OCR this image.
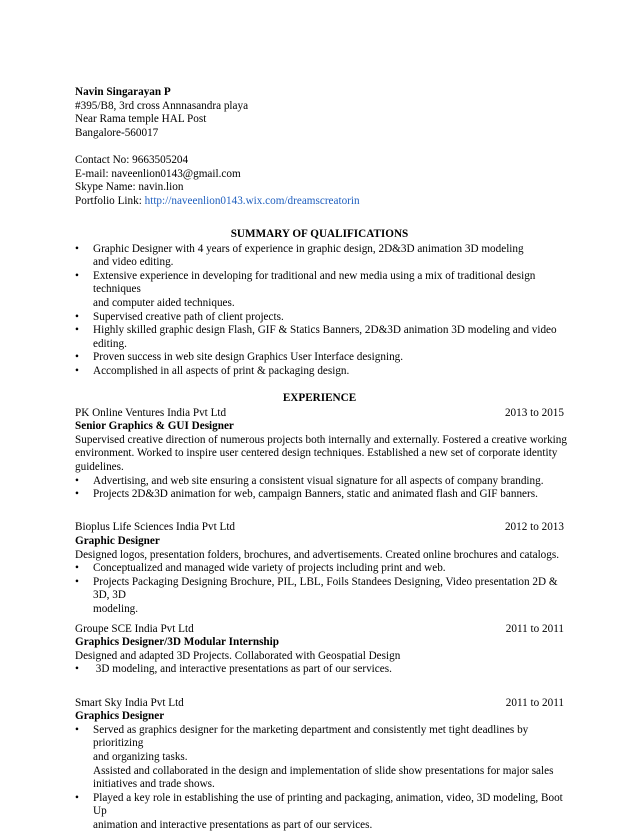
Navin Singarayan P
#395/B8, 3rd cross Annnasandra playa
Near Rama temple HAL Post
Bangalore-560017
Contact No: 9663505204
E-mail: naveenlion0143@gmail.com
Skype Name: navin.lion
Portfolio Link: http://naveenlion0143.wix.com/dreamscreatorin
SUMMARY OF QUALIFICATIONS
• Graphic Designer with 4 years of experience in graphic design, 2D&3D animation 3D modeling
and video editing.
• Extensive experience in developing for traditional and new media using a mix of traditional design techniques
and computer aided techniques.
• Supervised creative path of client projects.
• Highly skilled graphic design Flash, GIF & Statics Banners, 2D&3D animation 3D modeling and video editing.
• Proven success in web site design Graphics User Interface designing.
• Accomplished in all aspects of print & packaging design.
EXPERIENCE
PK Online Ventures India Pvt Ltd	2013 to 2015
Senior Graphics & GUI Designer
Supervised creative direction of numerous projects both internally and externally. Fostered a creative working
environment. Worked to inspire user centered design techniques. Established a new set of corporate identity
guidelines.
• Advertising, and web site ensuring a consistent visual signature for all aspects of company branding.
• Projects 2D&3D animation for web, campaign Banners, static and animated flash and GIF banners.
Bioplus Life Sciences India Pvt Ltd	2012 to 2013
Graphic Designer
Designed logos, presentation folders, brochures, and advertisements. Created online brochures and catalogs.
• Conceptualized and managed wide variety of projects including print and web.
• Projects Packaging Designing Brochure, PIL, LBL, Foils Standees Designing, Video presentation 2D & 3D, 3D
modeling.
Groupe SCE India Pvt Ltd	2011 to 2011
Graphics Designer/3D Modular Internship
Designed and adapted 3D Projects. Collaborated with Geospatial Design
• 3D modeling, and interactive presentations as part of our services.
Smart Sky India Pvt Ltd	2011 to 2011
Graphics Designer
• Served as graphics designer for the marketing department and consistently met tight deadlines by prioritizing
and organizing tasks.
Assisted and collaborated in the design and implementation of slide show presentations for major sales
initiatives and trade shows.
• Played a key role in establishing the use of printing and packaging, animation, video, 3D modeling, Boot Up
animation and interactive presentations as part of our services.
